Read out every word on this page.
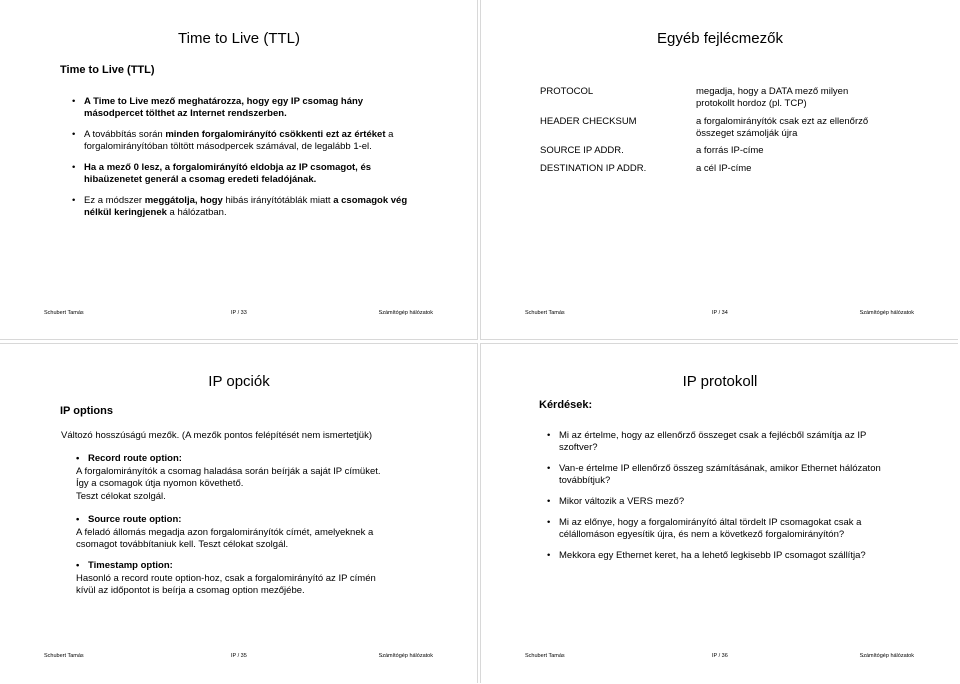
Time to Live (TTL)
Time to Live (TTL)
• A Time to Live mező meghatározza, hogy egy IP csomag hány másodpercet tölthet az Internet rendszerben.
• A továbbítás során minden forgalomirányító csökkenti ezt az értéket a forgalomirányítóban töltött másodpercek számával, de legalább 1-el.
• Ha a mező 0 lesz, a forgalomirányító eldobja az IP csomagot, és hibaüzenetet generál a csomag eredeti feladójának.
• Ez a módszer meggátolja, hogy hibás irányítótáblák miatt a csomagok vég nélkül keringjenek a hálózatban.
Schubert Tamás	IP / 33	Számítógép hálózatok
Egyéb fejlécmezők
PROTOCOL	megadja, hogy a DATA mező milyen protokollt hordoz (pl. TCP)
HEADER CHECKSUM	a forgalomirányítók csak ezt az ellenőrző összeget számolják újra
SOURCE IP ADDR.	a forrás IP-címe
DESTINATION IP ADDR.	a cél IP-címe
Schubert Tamás	IP / 34	Számítógép hálózatok
IP opciók
IP options
Változó hosszúságú mezők. (A mezők pontos felépítését nem ismertetjük)
• Record route option:
A forgalomirányítók a csomag haladása során beírják a saját IP címüket.
Így a csomagok útja nyomon követhető.
Teszt célokat szolgál.
• Source route option:
A feladó állomás megadja azon forgalomirányítók címét, amelyeknek a
csomagot továbbítaniuk kell. Teszt célokat szolgál.
• Timestamp option:
Hasonló a record route option-hoz, csak a forgalomirányító az IP címén
kívül az időpontot is beírja a csomag option mezőjébe.
Schubert Tamás	IP / 35	Számítógép hálózatok
IP protokoll
Kérdések:
• Mi az értelme, hogy az ellenőrző összeget csak a fejlécből számítja az IP szoftver?
• Van-e értelme IP ellenőrző összeg számításának, amikor Ethernet hálózaton továbbítjuk?
• Mikor változik a VERS mező?
• Mi az előnye, hogy a forgalomirányító által tördelt IP csomagokat csak a célállomáson egyesítik újra, és nem a következő forgalomirányítón?
• Mekkora egy Ethernet keret, ha a lehető legkisebb IP csomagot szállítja?
Schubert Tamás	IP / 36	Számítógép hálózatok
